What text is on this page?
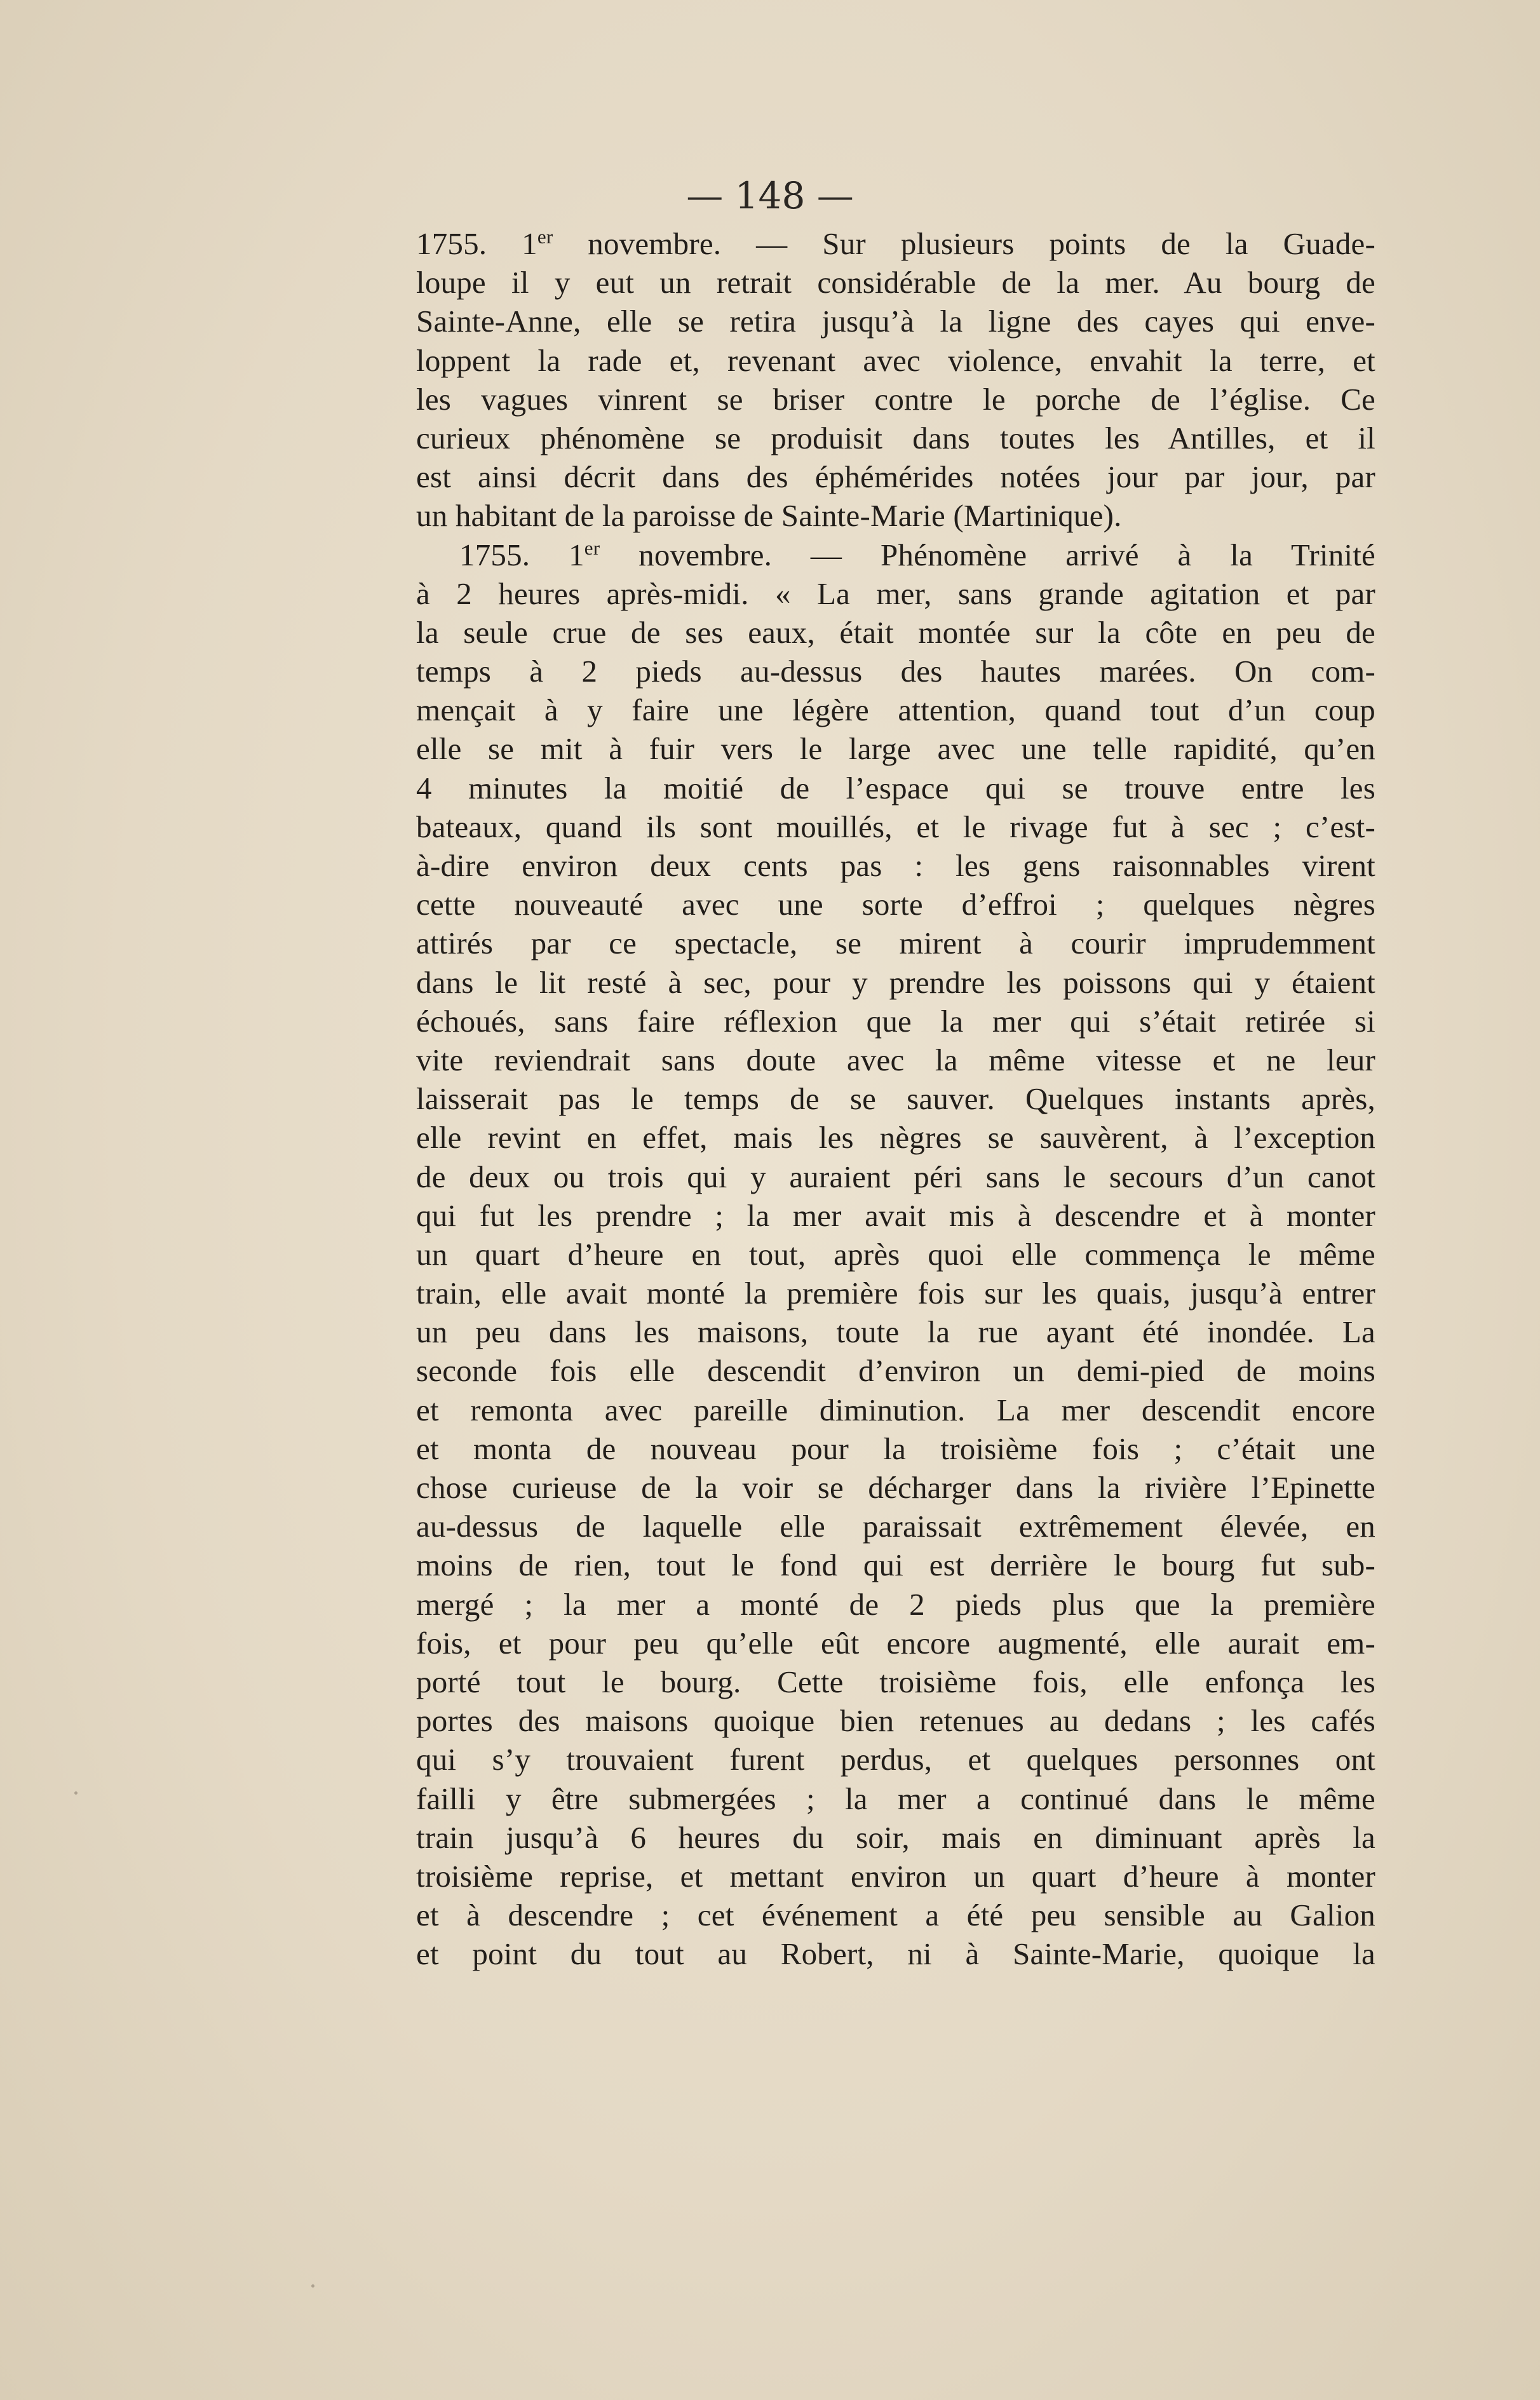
— 148 —
1755. 1er novembre. — Sur plusieurs points de la Guade-
loupe il y eut un retrait considérable de la mer. Au bourg de
Sainte-Anne, elle se retira jusqu’à la ligne des cayes qui enve-
loppent la rade et, revenant avec violence, envahit la terre, et
les vagues vinrent se briser contre le porche de l’église. Ce
curieux phénomène se produisit dans toutes les Antilles, et il
est ainsi décrit dans des éphémérides notées jour par jour, par
un habitant de la paroisse de Sainte-Marie (Martinique).
1755. 1er novembre. — Phénomène arrivé à la Trinité
à 2 heures après-midi. « La mer, sans grande agitation et par
la seule crue de ses eaux, était montée sur la côte en peu de
temps à 2 pieds au-dessus des hautes marées. On com-
mençait à y faire une légère attention, quand tout d’un coup
elle se mit à fuir vers le large avec une telle rapidité, qu’en
4 minutes la moitié de l’espace qui se trouve entre les
bateaux, quand ils sont mouillés, et le rivage fut à sec ; c’est-
à-dire environ deux cents pas : les gens raisonnables virent
cette nouveauté avec une sorte d’effroi ; quelques nègres
attirés par ce spectacle, se mirent à courir imprudemment
dans le lit resté à sec, pour y prendre les poissons qui y étaient
échoués, sans faire réflexion que la mer qui s’était retirée si
vite reviendrait sans doute avec la même vitesse et ne leur
laisserait pas le temps de se sauver. Quelques instants après,
elle revint en effet, mais les nègres se sauvèrent, à l’exception
de deux ou trois qui y auraient péri sans le secours d’un canot
qui fut les prendre ; la mer avait mis à descendre et à monter
un quart d’heure en tout, après quoi elle commença le même
train, elle avait monté la première fois sur les quais, jusqu’à entrer
un peu dans les maisons, toute la rue ayant été inondée. La
seconde fois elle descendit d’environ un demi-pied de moins
et remonta avec pareille diminution. La mer descendit encore
et monta de nouveau pour la troisième fois ; c’était une
chose curieuse de la voir se décharger dans la rivière l’Epinette
au-dessus de laquelle elle paraissait extrêmement élevée, en
moins de rien, tout le fond qui est derrière le bourg fut sub-
mergé ; la mer a monté de 2 pieds plus que la première
fois, et pour peu qu’elle eût encore augmenté, elle aurait em-
porté tout le bourg. Cette troisième fois, elle enfonça les
portes des maisons quoique bien retenues au dedans ; les cafés
qui s’y trouvaient furent perdus, et quelques personnes ont
failli y être submergées ; la mer a continué dans le même
train jusqu’à 6 heures du soir, mais en diminuant après la
troisième reprise, et mettant environ un quart d’heure à monter
et à descendre ; cet événement a été peu sensible au Galion
et point du tout au Robert, ni à Sainte-Marie, quoique la
